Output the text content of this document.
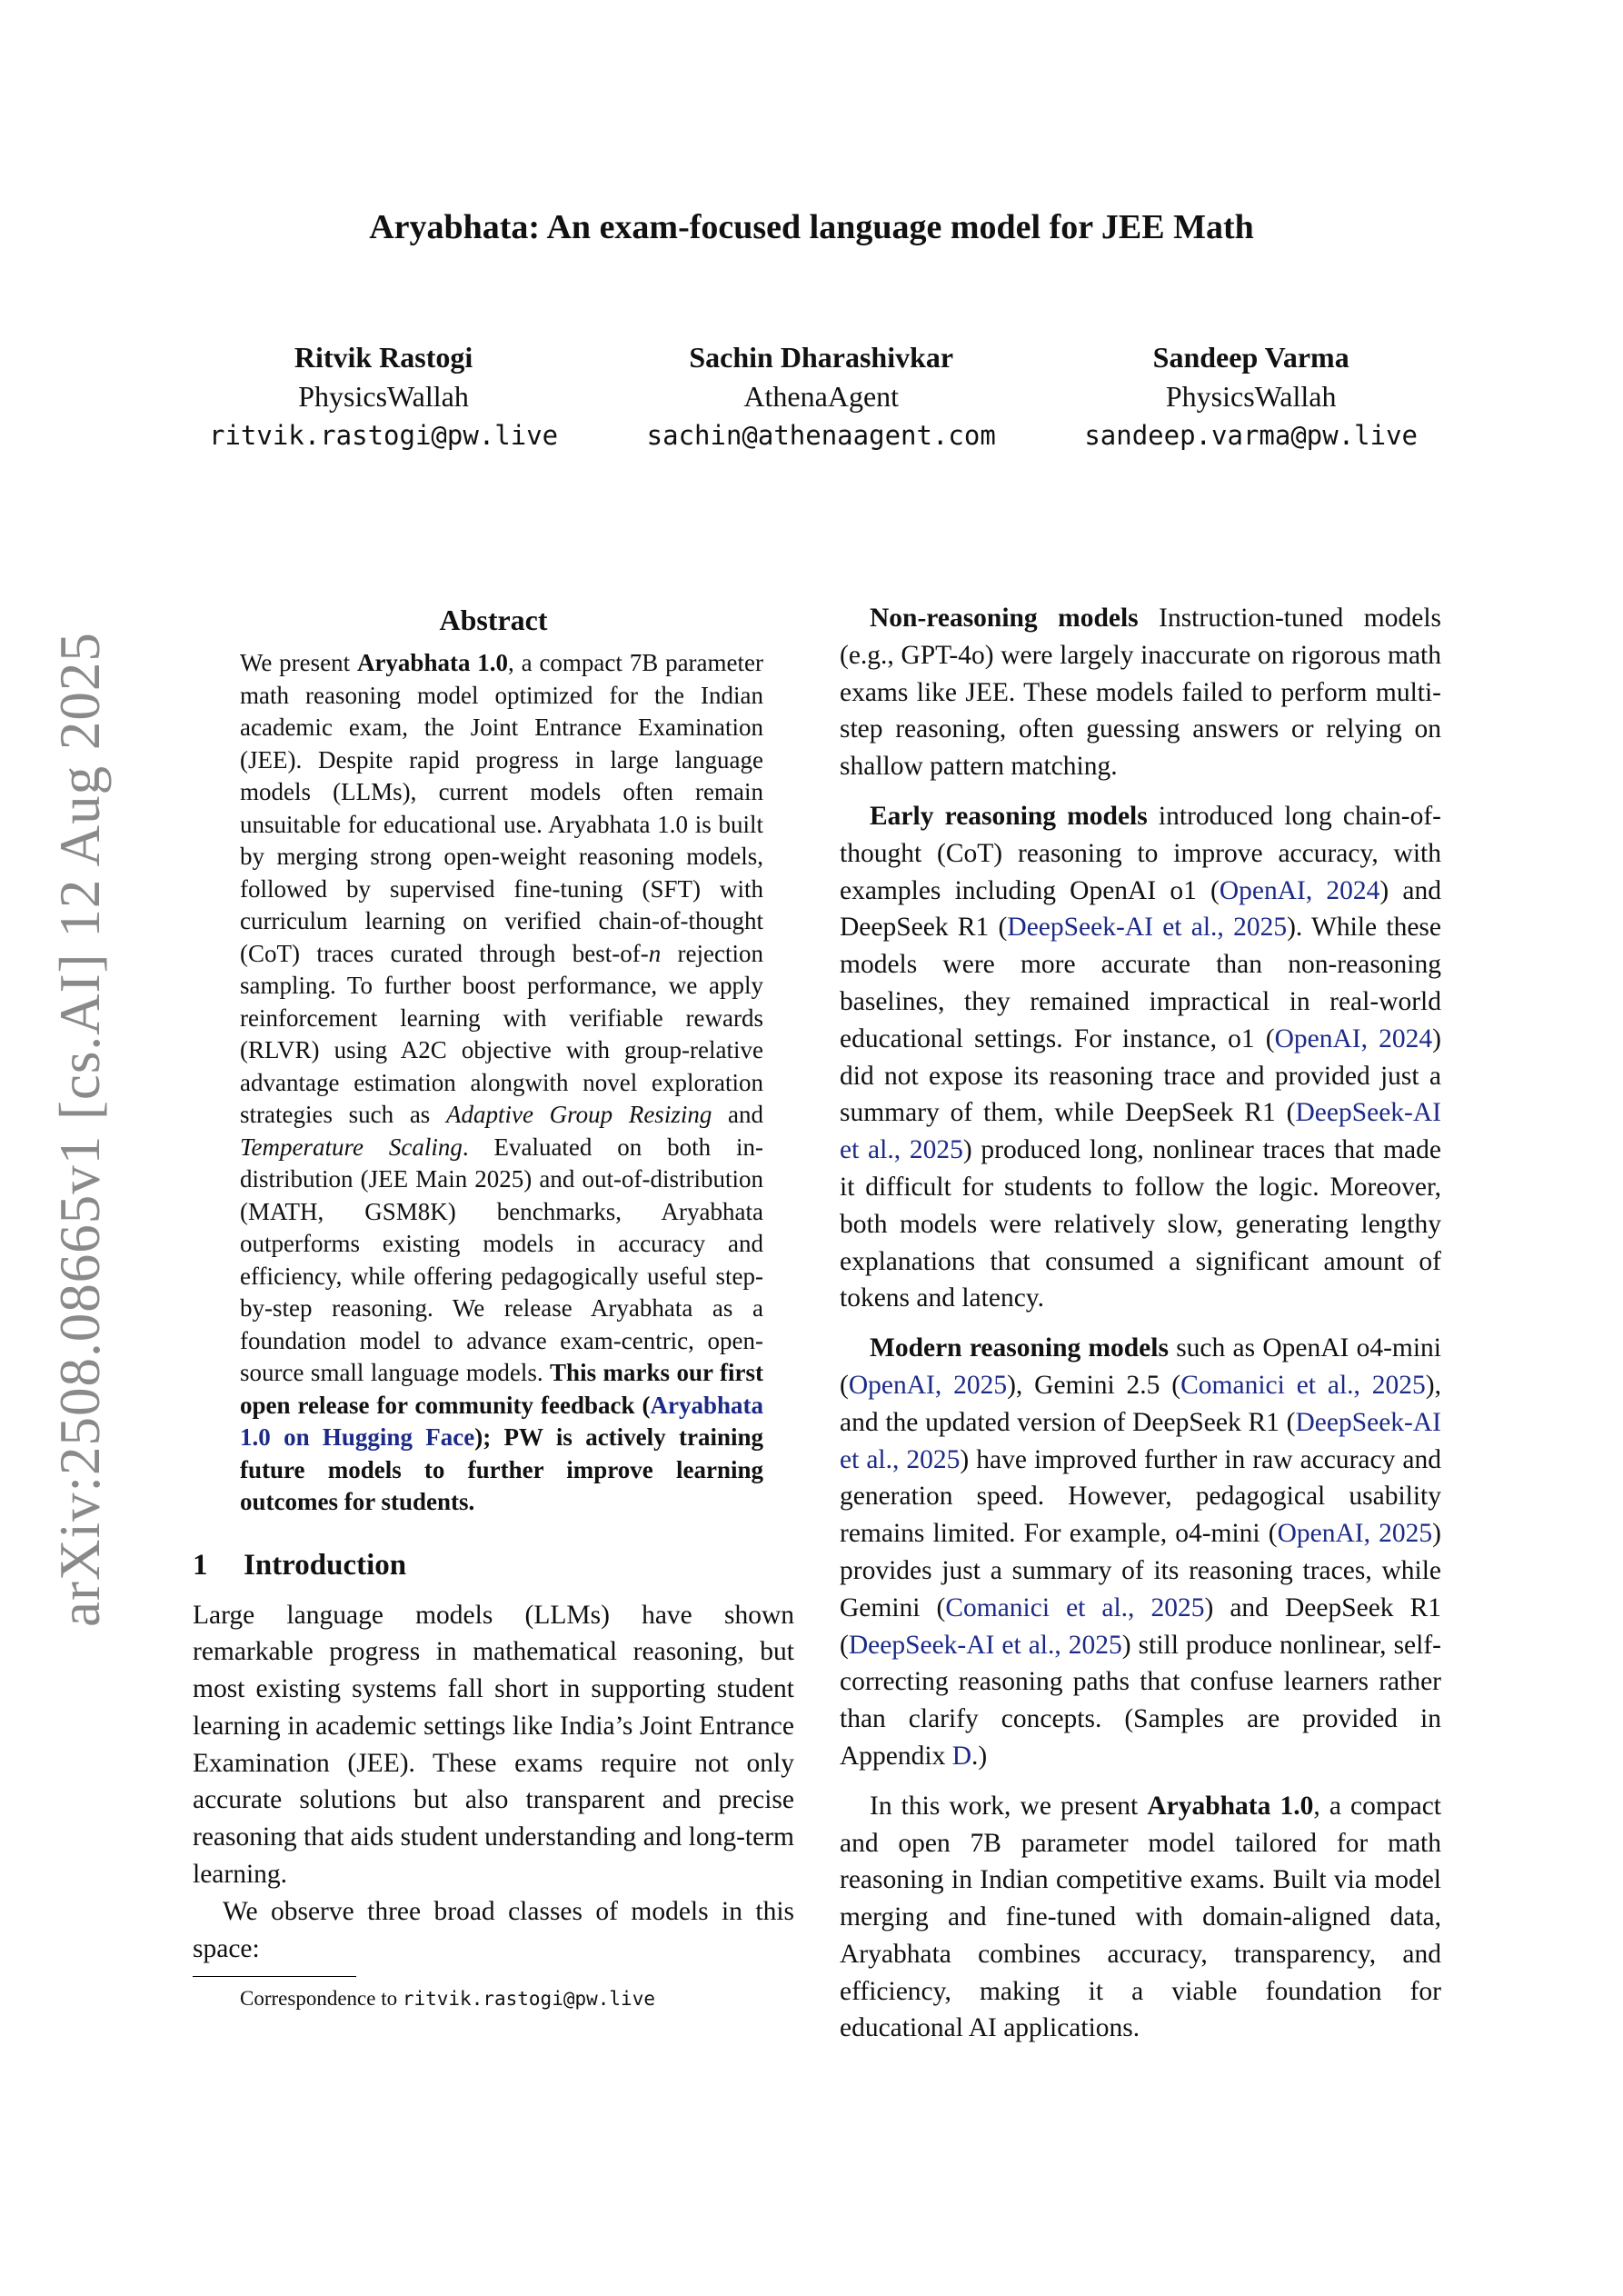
arXiv:2508.08665v1 [cs.AI] 12 Aug 2025
Aryabhata: An exam-focused language model for JEE Math
Ritvik Rastogi
PhysicsWallah
ritvik.rastogi@pw.live
Sachin Dharashivkar
AthenaAgent
sachin@athenaagent.com
Sandeep Varma
PhysicsWallah
sandeep.varma@pw.live
Abstract

We present Aryabhata 1.0, a compact 7B parameter math reasoning model optimized for the Indian academic exam, the Joint Entrance Examination (JEE). Despite rapid progress in large language models (LLMs), current models often remain unsuitable for educational use. Aryabhata 1.0 is built by merging strong open-weight reasoning models, followed by supervised fine-tuning (SFT) with curriculum learning on verified chain-of-thought (CoT) traces curated through best-of-n rejection sampling. To further boost performance, we apply reinforcement learning with verifiable rewards (RLVR) using A2C objective with group-relative advantage estimation alongwith novel exploration strategies such as Adaptive Group Resizing and Temperature Scaling. Evaluated on both in-distribution (JEE Main 2025) and out-of-distribution (MATH, GSM8K) benchmarks, Aryabhata outperforms existing models in accuracy and efficiency, while offering pedagogically useful step-by-step reasoning. We release Aryabhata as a foundation model to advance exam-centric, open-source small language models. This marks our first open release for community feedback (Aryabhata 1.0 on Hugging Face); PW is actively training future models to further improve learning outcomes for students.

1 Introduction

Large language models (LLMs) have shown remarkable progress in mathematical reasoning, but most existing systems fall short in supporting student learning in academic settings like India’s Joint Entrance Examination (JEE). These exams require not only accurate solutions but also transparent and precise reasoning that aids student understanding and long-term learning.

We observe three broad classes of models in this space:

Correspondence to ritvik.rastogi@pw.live

Non-reasoning models Instruction-tuned models (e.g., GPT-4o) were largely inaccurate on rigorous math exams like JEE. These models failed to perform multi-step reasoning, often guessing answers or relying on shallow pattern matching.

Early reasoning models introduced long chain-of-thought (CoT) reasoning to improve accuracy, with examples including OpenAI o1 (OpenAI, 2024) and DeepSeek R1 (DeepSeek-AI et al., 2025). While these models were more accurate than non-reasoning baselines, they remained impractical in real-world educational settings. For instance, o1 (OpenAI, 2024) did not expose its reasoning trace and provided just a summary of them, while DeepSeek R1 (DeepSeek-AI et al., 2025) produced long, nonlinear traces that made it difficult for students to follow the logic. Moreover, both models were relatively slow, generating lengthy explanations that consumed a significant amount of tokens and latency.

Modern reasoning models such as OpenAI o4-mini (OpenAI, 2025), Gemini 2.5 (Comanici et al., 2025), and the updated version of DeepSeek R1 (DeepSeek-AI et al., 2025) have improved further in raw accuracy and generation speed. However, pedagogical usability remains limited. For example, o4-mini (OpenAI, 2025) provides just a summary of its reasoning traces, while Gemini (Comanici et al., 2025) and DeepSeek R1 (DeepSeek-AI et al., 2025) still produce nonlinear, self-correcting reasoning paths that confuse learners rather than clarify concepts. (Samples are provided in Appendix D.)

In this work, we present Aryabhata 1.0, a compact and open 7B parameter model tailored for math reasoning in Indian competitive exams. Built via model merging and fine-tuned with domain-aligned data, Aryabhata combines accuracy, transparency, and efficiency, making it a viable foundation for educational AI applications.
